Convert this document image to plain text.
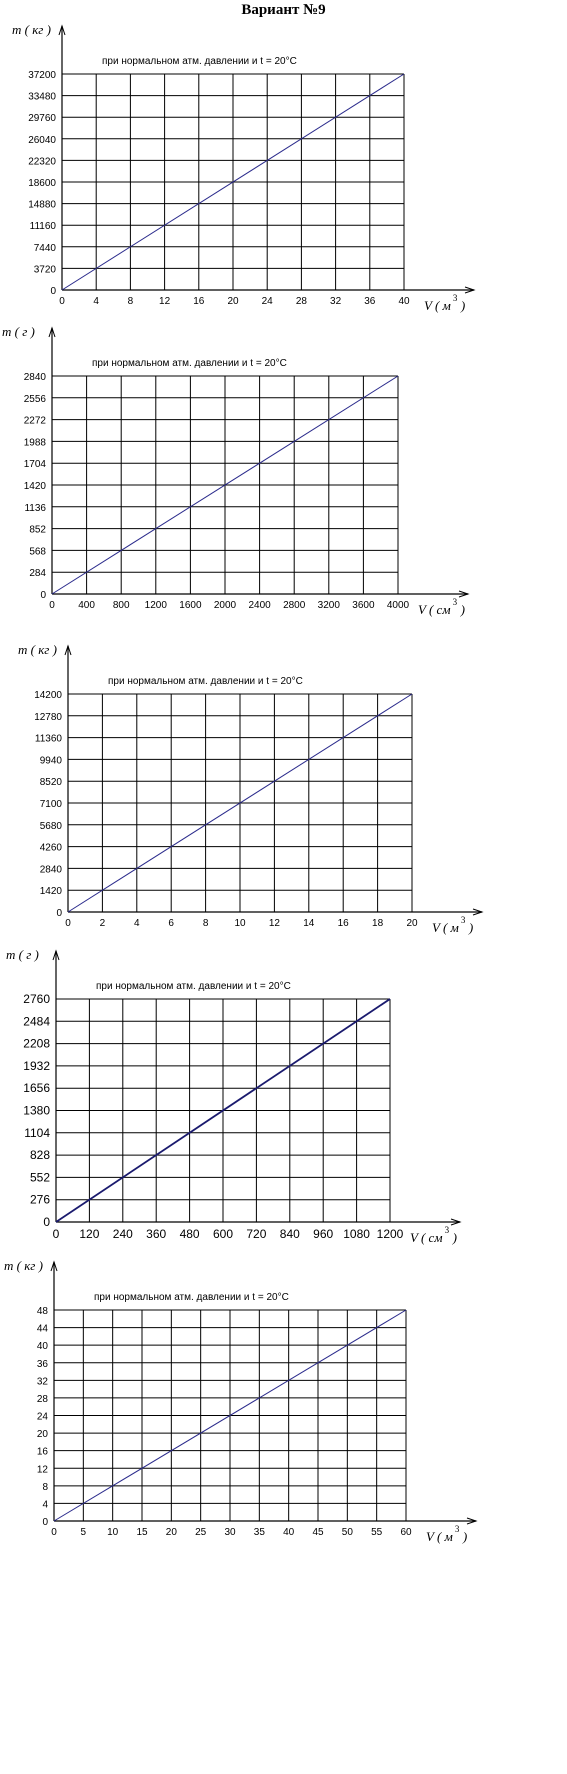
Вариант №9
0	4	8	12 16 20 24 28 32 36 40
0
3720
7440
11160
14880
18600
22320
26040
29760
33480
37200
при нормальном атм. давлении и t = 20°C
m ( кг )
V ( м 3 )
0 400 800 1200 1600 2000 2400 2800 3200 3600 4000
0
284
568
852
1136
1420
1704
1988
2272
2556
2840
при нормальном атм. давлении и t = 20°C
m ( г )
V ( см 3 )
0	2	4	6	8	10 12 14 16 18 20
0
1420
2840
4260
5680
7100
8520
9940
11360
12780
14200
при нормальном атм. давлении и t = 20°C
m ( кг )
V ( м 3 )
0 120 240 360 480 600 720 840 960 1080 1200
0
276
552
828
1104
1380
1656
1932
2208
2484
2760
при нормальном атм. давлении и t = 20°C
m ( г )
V ( см 3 )
0 5 10 15 20 25 30 35 40 45 50 55 60
0
4
8
12
16
20
24
28
32
36
40
44
48
при нормальном атм. давлении и t = 20°C
m ( кг )
V ( м 3 )
